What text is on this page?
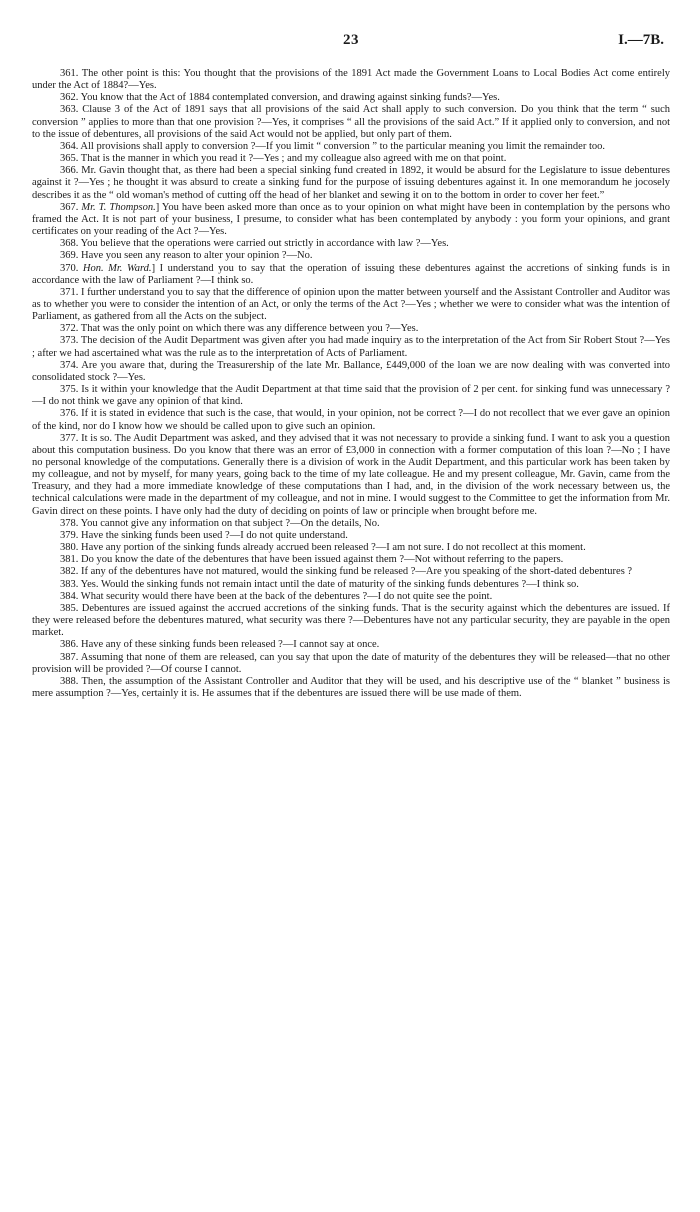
23	I.—7B.

361. The other point is this: You thought that the provisions of the 1891 Act made the Government Loans to Local Bodies Act come entirely under the Act of 1884?—Yes.

362. You know that the Act of 1884 contemplated conversion, and drawing against sinking funds?—Yes.

363. Clause 3 of the Act of 1891 says that all provisions of the said Act shall apply to such conversion. Do you think that the term “ such conversion ” applies to more than that one provision ?—Yes, it comprises “ all the provisions of the said Act.” If it applied only to conversion, and not to the issue of debentures, all provisions of the said Act would not be applied, but only part of them.

364. All provisions shall apply to conversion ?—If you limit “ conversion ” to the particular meaning you limit the remainder too.

365. That is the manner in which you read it ?—Yes ; and my colleague also agreed with me on that point.

366. Mr. Gavin thought that, as there had been a special sinking fund created in 1892, it would be absurd for the Legislature to issue debentures against it ?—Yes ; he thought it was absurd to create a sinking fund for the purpose of issuing debentures against it. In one memorandum he jocosely describes it as the “ old woman's method of cutting off the head of her blanket and sewing it on to the bottom in order to cover her feet.”

367. Mr. T. Thompson.] You have been asked more than once as to your opinion on what might have been in contemplation by the persons who framed the Act. It is not part of your business, I presume, to consider what has been contemplated by anybody : you form your opinions, and grant certificates on your reading of the Act ?—Yes.

368. You believe that the operations were carried out strictly in accordance with law ?—Yes.

369. Have you seen any reason to alter your opinion ?—No.

370. Hon. Mr. Ward.] I understand you to say that the operation of issuing these debentures against the accretions of sinking funds is in accordance with the law of Parliament ?—I think so.

371. I further understand you to say that the difference of opinion upon the matter between yourself and the Assistant Controller and Auditor was as to whether you were to consider the intention of an Act, or only the terms of the Act ?—Yes ; whether we were to consider what was the intention of Parliament, as gathered from all the Acts on the subject.

372. That was the only point on which there was any difference between you ?—Yes.

373. The decision of the Audit Department was given after you had made inquiry as to the interpretation of the Act from Sir Robert Stout ?—Yes ; after we had ascertained what was the rule as to the interpretation of Acts of Parliament.

374. Are you aware that, during the Treasurership of the late Mr. Ballance, £449,000 of the loan we are now dealing with was converted into consolidated stock ?—Yes.

375. Is it within your knowledge that the Audit Department at that time said that the provision of 2 per cent. for sinking fund was unnecessary ?—I do not think we gave any opinion of that kind.

376. If it is stated in evidence that such is the case, that would, in your opinion, not be correct ?—I do not recollect that we ever gave an opinion of the kind, nor do I know how we should be called upon to give such an opinion.

377. It is so. The Audit Department was asked, and they advised that it was not necessary to provide a sinking fund. I want to ask you a question about this computation business. Do you know that there was an error of £3,000 in connection with a former computation of this loan ?—No ; I have no personal knowledge of the computations. Generally there is a division of work in the Audit Department, and this particular work has been taken by my colleague, and not by myself, for many years, going back to the time of my late colleague. He and my present colleague, Mr. Gavin, came from the Treasury, and they had a more immediate knowledge of these computations than I had, and, in the division of the work necessary between us, the technical calculations were made in the department of my colleague, and not in mine. I would suggest to the Committee to get the information from Mr. Gavin direct on these points. I have only had the duty of deciding on points of law or principle when brought before me.

378. You cannot give any information on that subject ?—On the details, No.

379. Have the sinking funds been used ?—I do not quite understand.

380. Have any portion of the sinking funds already accrued been released ?—I am not sure. I do not recollect at this moment.

381. Do you know the date of the debentures that have been issued against them ?—Not without referring to the papers.

382. If any of the debentures have not matured, would the sinking fund be released ?—Are you speaking of the short-dated debentures ?

383. Yes. Would the sinking funds not remain intact until the date of maturity of the sinking funds debentures ?—I think so.

384. What security would there have been at the back of the debentures ?—I do not quite see the point.

385. Debentures are issued against the accrued accretions of the sinking funds. That is the security against which the debentures are issued. If they were released before the debentures matured, what security was there ?—Debentures have not any particular security, they are payable in the open market.

386. Have any of these sinking funds been released ?—I cannot say at once.

387. Assuming that none of them are released, can you say that upon the date of maturity of the debentures they will be released—that no other provision will be provided ?—Of course I cannot.

388. Then, the assumption of the Assistant Controller and Auditor that they will be used, and his descriptive use of the “ blanket ” business is mere assumption ?—Yes, certainly it is. He assumes that if the debentures are issued there will be use made of them.
